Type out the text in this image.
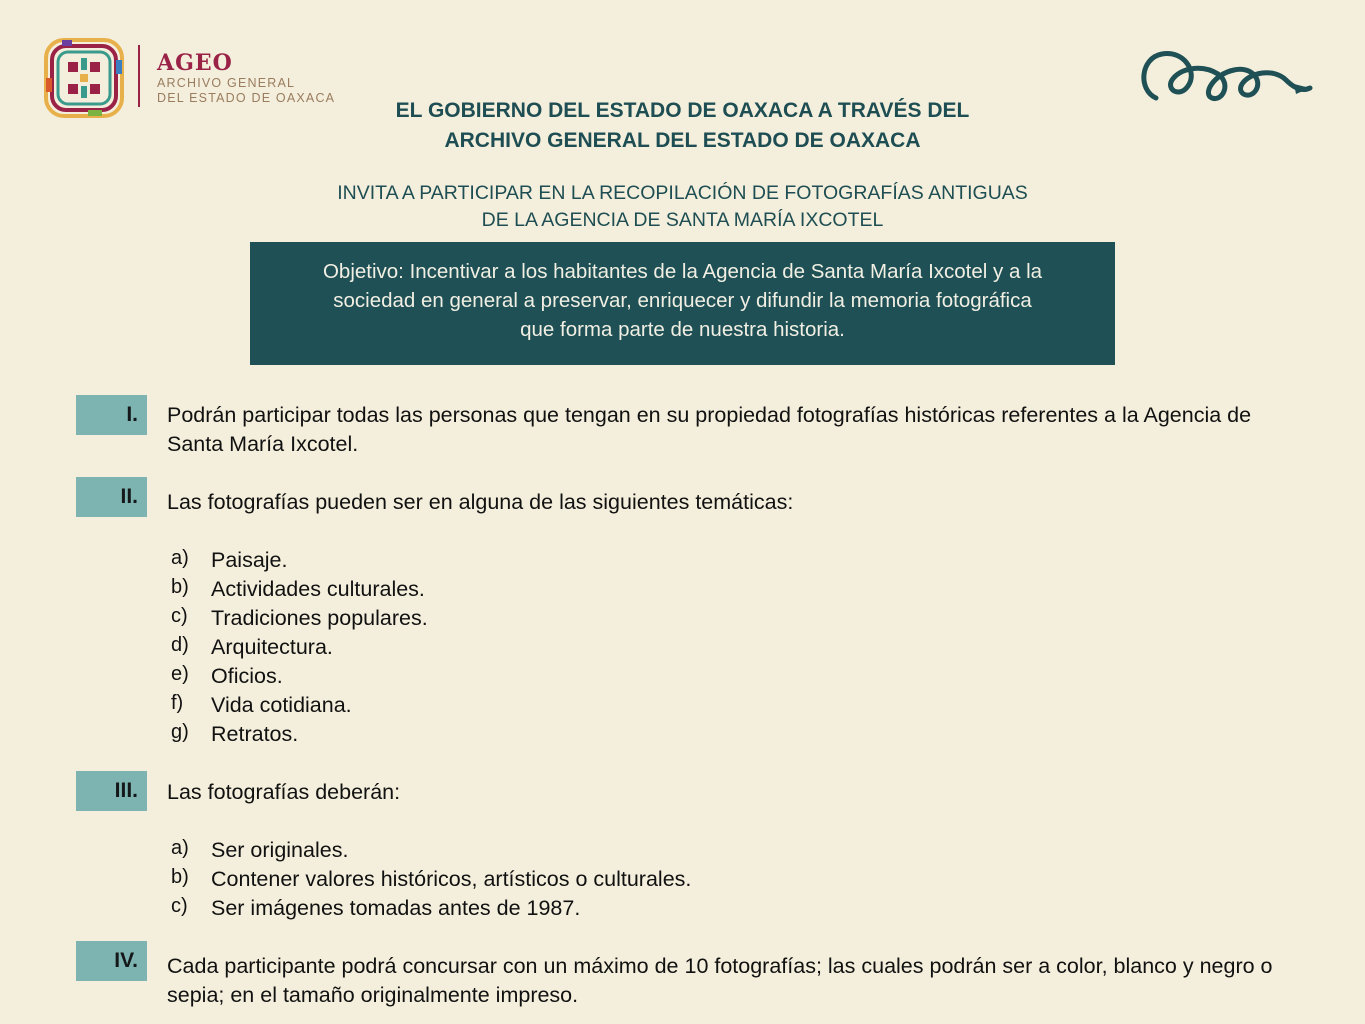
AGEO
ARCHIVO GENERAL
DEL ESTADO DE OAXACA
EL GOBIERNO DEL ESTADO DE OAXACA A TRAVÉS DEL
ARCHIVO GENERAL DEL ESTADO DE OAXACA
INVITA A PARTICIPAR EN LA RECOPILACIÓN DE FOTOGRAFÍAS ANTIGUAS
DE LA AGENCIA DE SANTA MARÍA IXCOTEL
Objetivo: Incentivar a los habitantes de la Agencia de Santa María Ixcotel y a la
sociedad en general a preservar, enriquecer y difundir la memoria fotográfica
que forma parte de nuestra historia.
I.	Podrán participar todas las personas que tengan en su propiedad fotografías históricas referentes a la Agencia de Santa María Ixcotel.
II.	Las fotografías pueden ser en alguna de las siguientes temáticas:
a)	Paisaje.
b)	Actividades culturales.
c)	Tradiciones populares.
d)	Arquitectura.
e)	Oficios.
f)	Vida cotidiana.
g)	Retratos.
III.	Las fotografías deberán:
a)	Ser originales.
b)	Contener valores históricos, artísticos o culturales.
c)	Ser imágenes tomadas antes de 1987.
IV.	Cada participante podrá concursar con un máximo de 10 fotografías; las cuales podrán ser a color, blanco y negro o sepia; en el tamaño originalmente impreso.
